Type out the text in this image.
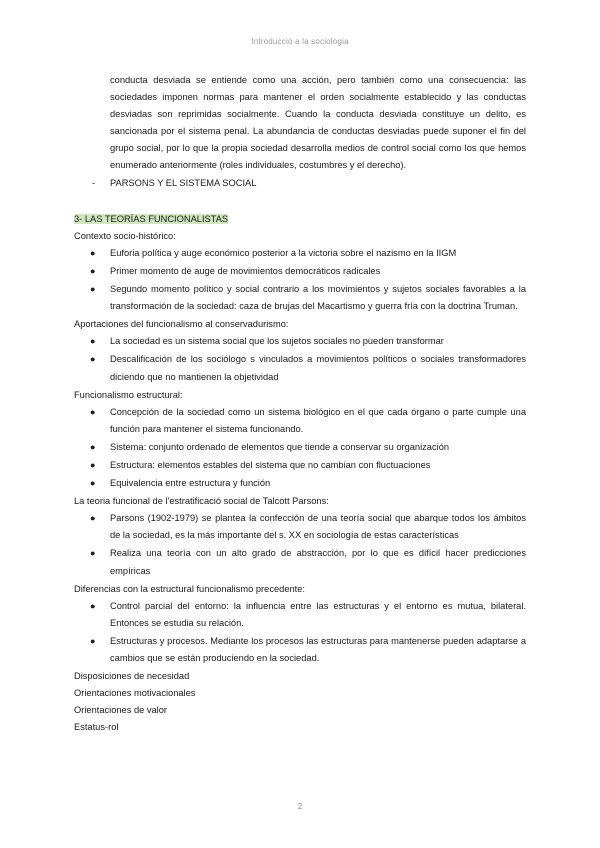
Introducció a la sociologia
conducta desviada se entiende como una acción, pero también como una consecuencia: las sociedades imponen normas para mantener el orden socialmente establecido y las conductas desviadas son reprimidas socialmente. Cuando la conducta desviada constituye un delito, es sancionada por el sistema penal. La abundancia de conductas desviadas puede suponer el fin del grupo social, por lo que la propia sociedad desarrolla medios de control social como los que hemos enumerado anteriormente (roles individuales, costumbres y el derecho).
- PARSONS Y EL SISTEMA SOCIAL
3- LAS TEORÍAS FUNCIONALISTAS
Contexto socio-histórico:
● Euforia política y auge económico posterior a la victoria sobre el nazismo en la IIGM
● Primer momento de auge de movimientos democráticos radicales
● Segundo momento político y social contrario a los movimientos y sujetos sociales favorables a la transformación de la sociedad: caza de brujas del Macartismo y guerra fría con la doctrina Truman.
Aportaciones del funcionalismo al conservadurismo:
● La sociedad es un sistema social que los sujetos sociales no pueden transformar
● Descalificación de los sociólogo s vinculados a movimientos políticos o sociales transformadores diciendo que no mantienen la objetividad
Funcionalismo estructural:
● Concepción de la sociedad como un sistema biológico en el que cada órgano o parte cumple una función para mantener el sistema funcionando.
● Sistema: conjunto ordenado de elementos que tiende a conservar su organización
● Estructura: elementos estables del sistema que no cambian con fluctuaciones
● Equivalencia entre estructura y función
La teoria funcional de l'estratificació social de Talcott Parsons:
● Parsons (1902-1979) se plantea la confección de una teoría social que abarque todos los ámbitos de la sociedad, es la más importante del s. XX en sociología de estas características
● Realiza una teoría con un alto grado de abstracción, por lo que es difícil hacer predicciones empíricas
Diferencias con la estructural funcionalismo precedente:
● Control parcial del entorno: la influencia entre las estructuras y el entorno es mutua, bilateral. Entonces se estudia su relación.
● Estructuras y procesos. Mediante los procesos las estructuras para mantenerse pueden adaptarse a cambios que se están produciendo en la sociedad.
Disposiciones de necesidad
Orientaciones motivacionales
Orientaciones de valor
Estatus-rol
2
